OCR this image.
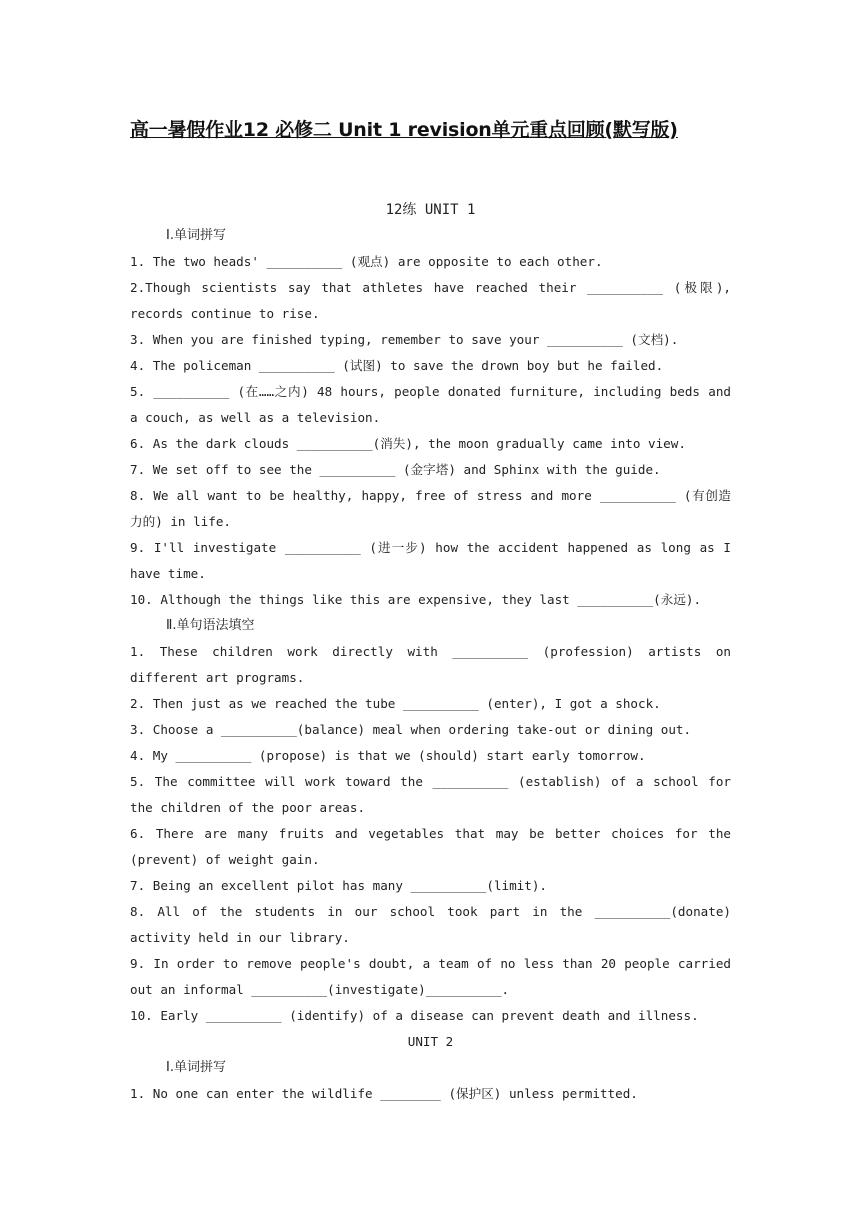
高一暑假作业12 必修二 Unit 1 revision单元重点回顾(默写版)
12练 UNIT 1
Ⅰ.单词拼写
1. The two heads' __________ (观点) are opposite to each other.
2.Though scientists say that athletes have reached their __________ (极限), records continue to rise.
3. When you are finished typing, remember to save your __________ (文档).
4. The policeman __________ (试图) to save the drown boy but he failed.
5. __________ (在……之内) 48 hours, people donated furniture, including beds and a couch, as well as a television.
6. As the dark clouds __________(消失), the moon gradually came into view.
7. We set off to see the __________ (金字塔) and Sphinx with the guide.
8. We all want to be healthy, happy, free of stress and more __________ (有创造力的) in life.
9. I'll investigate __________ (进一步) how the accident happened as long as I have time.
10. Although the things like this are expensive, they last __________(永远).
Ⅱ.单句语法填空
1. These children work directly with __________ (profession) artists on different art programs.
2. Then just as we reached the tube __________ (enter), I got a shock.
3. Choose a __________(balance) meal when ordering take-out or dining out.
4. My __________ (propose) is that we (should) start early tomorrow.
5. The committee will work toward the __________ (establish) of a school for the children of the poor areas.
6. There are many fruits and vegetables that may be better choices for the (prevent) of weight gain.
7. Being an excellent pilot has many __________(limit).
8. All of the students in our school took part in the __________(donate) activity held in our library.
9. In order to remove people's doubt, a team of no less than 20 people carried out an informal __________(investigate)__________.
10. Early __________ (identify) of a disease can prevent death and illness.
UNIT 2
Ⅰ.单词拼写
1. No one can enter the wildlife ________ (保护区) unless permitted.
